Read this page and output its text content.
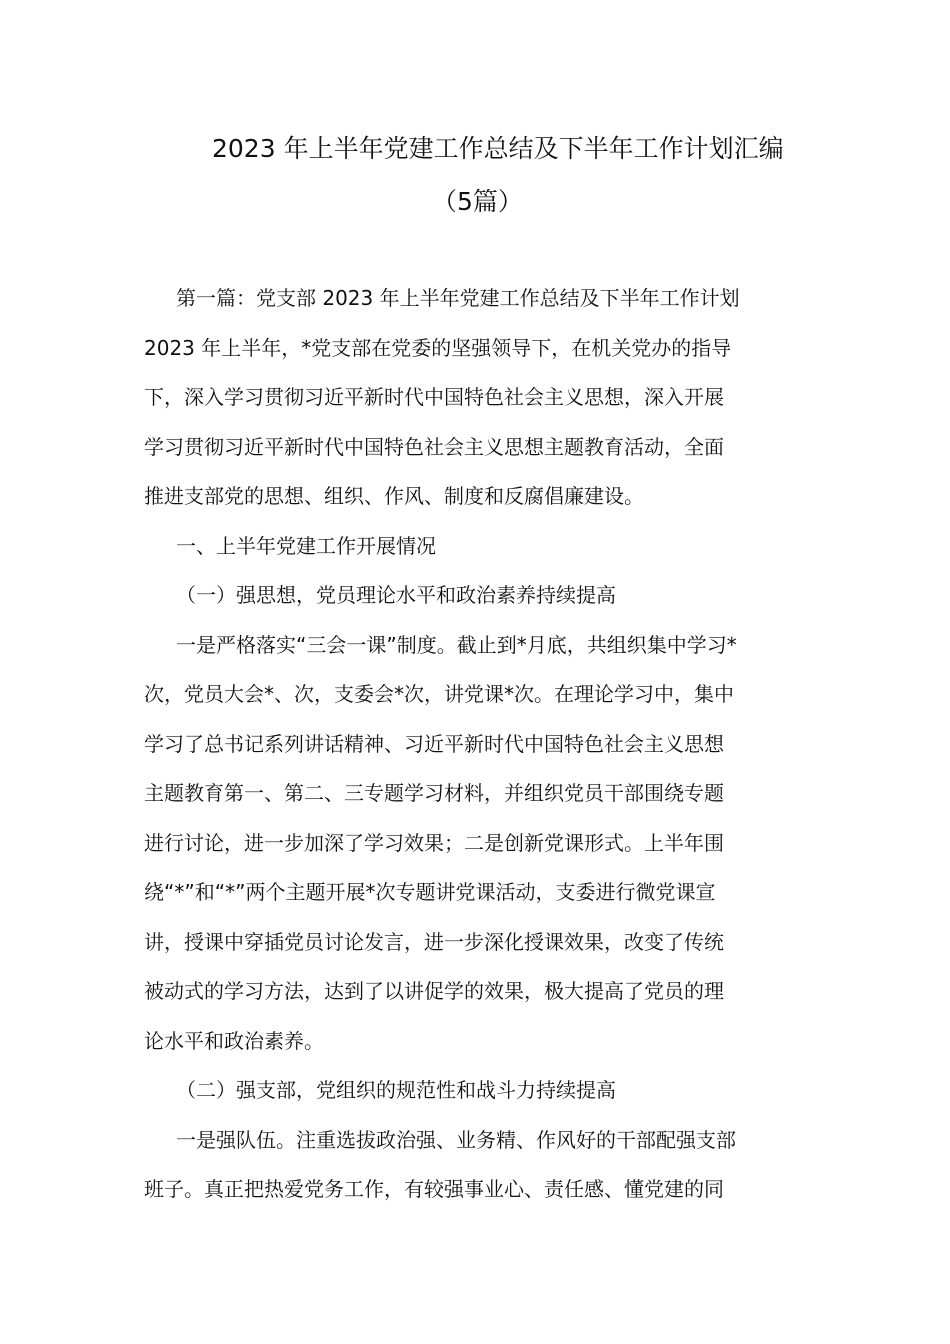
2023 年上半年党建工作总结及下半年工作计划汇编
（5篇）
第一篇：党支部 2023 年上半年党建工作总结及下半年工作计划
2023 年上半年，*党支部在党委的坚强领导下，在机关党办的指导
下，深入学习贯彻习近平新时代中国特色社会主义思想，深入开展
学习贯彻习近平新时代中国特色社会主义思想主题教育活动，全面
推进支部党的思想、组织、作风、制度和反腐倡廉建设。
一、上半年党建工作开展情况
（一）强思想，党员理论水平和政治素养持续提高
一是严格落实“三会一课”制度。截止到*月底，共组织集中学习*
次，党员大会*、次，支委会*次，讲党课*次。在理论学习中，集中
学习了总书记系列讲话精神、习近平新时代中国特色社会主义思想
主题教育第一、第二、三专题学习材料，并组织党员干部围绕专题
进行讨论，进一步加深了学习效果；二是创新党课形式。上半年围
绕“*”和“*”两个主题开展*次专题讲党课活动，支委进行微党课宣
讲，授课中穿插党员讨论发言，进一步深化授课效果，改变了传统
被动式的学习方法，达到了以讲促学的效果，极大提高了党员的理
论水平和政治素养。
（二）强支部，党组织的规范性和战斗力持续提高
一是强队伍。注重选拔政治强、业务精、作风好的干部配强支部
班子。真正把热爱党务工作，有较强事业心、责任感、懂党建的同
